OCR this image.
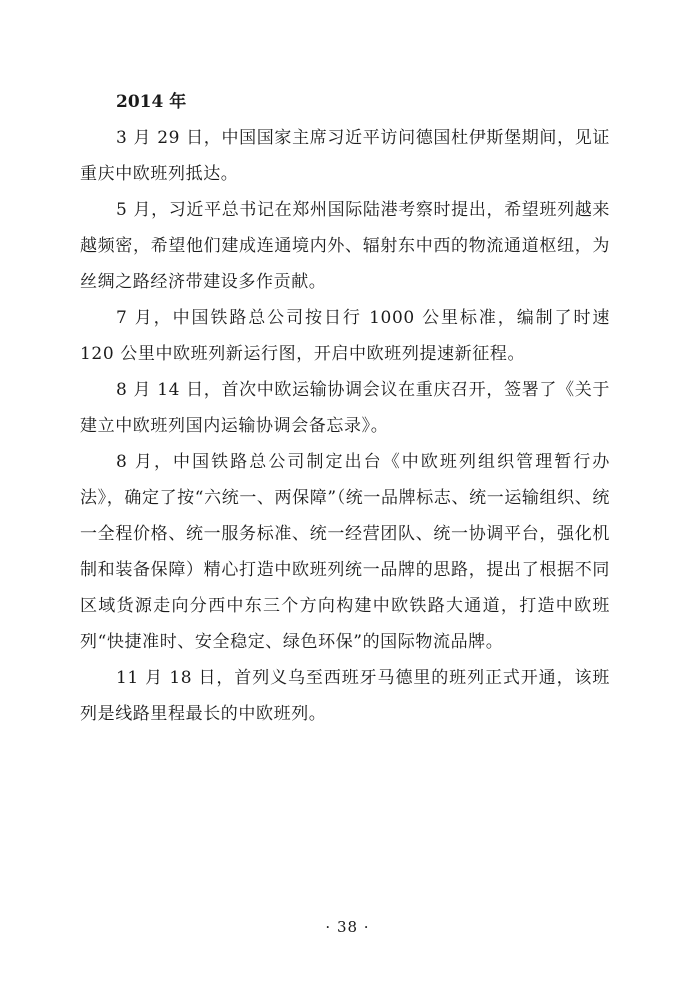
2014 年

3 月 29 日，中国国家主席习近平访问德国杜伊斯堡期间，见证重庆中欧班列抵达。

5 月，习近平总书记在郑州国际陆港考察时提出，希望班列越来越频密，希望他们建成连通境内外、辐射东中西的物流通道枢纽，为丝绸之路经济带建设多作贡献。

7 月，中国铁路总公司按日行 1000 公里标准，编制了时速 120 公里中欧班列新运行图，开启中欧班列提速新征程。

8 月 14 日，首次中欧运输协调会议在重庆召开，签署了《关于建立中欧班列国内运输协调会备忘录》。

8 月，中国铁路总公司制定出台《中欧班列组织管理暂行办法》，确定了按“六统一、两保障”（统一品牌标志、统一运输组织、统一全程价格、统一服务标准、统一经营团队、统一协调平台，强化机制和装备保障）精心打造中欧班列统一品牌的思路，提出了根据不同区域货源走向分西中东三个方向构建中欧铁路大通道，打造中欧班列“快捷准时、安全稳定、绿色环保”的国际物流品牌。

11 月 18 日，首列义乌至西班牙马德里的班列正式开通，该班列是线路里程最长的中欧班列。

· 38 ·
